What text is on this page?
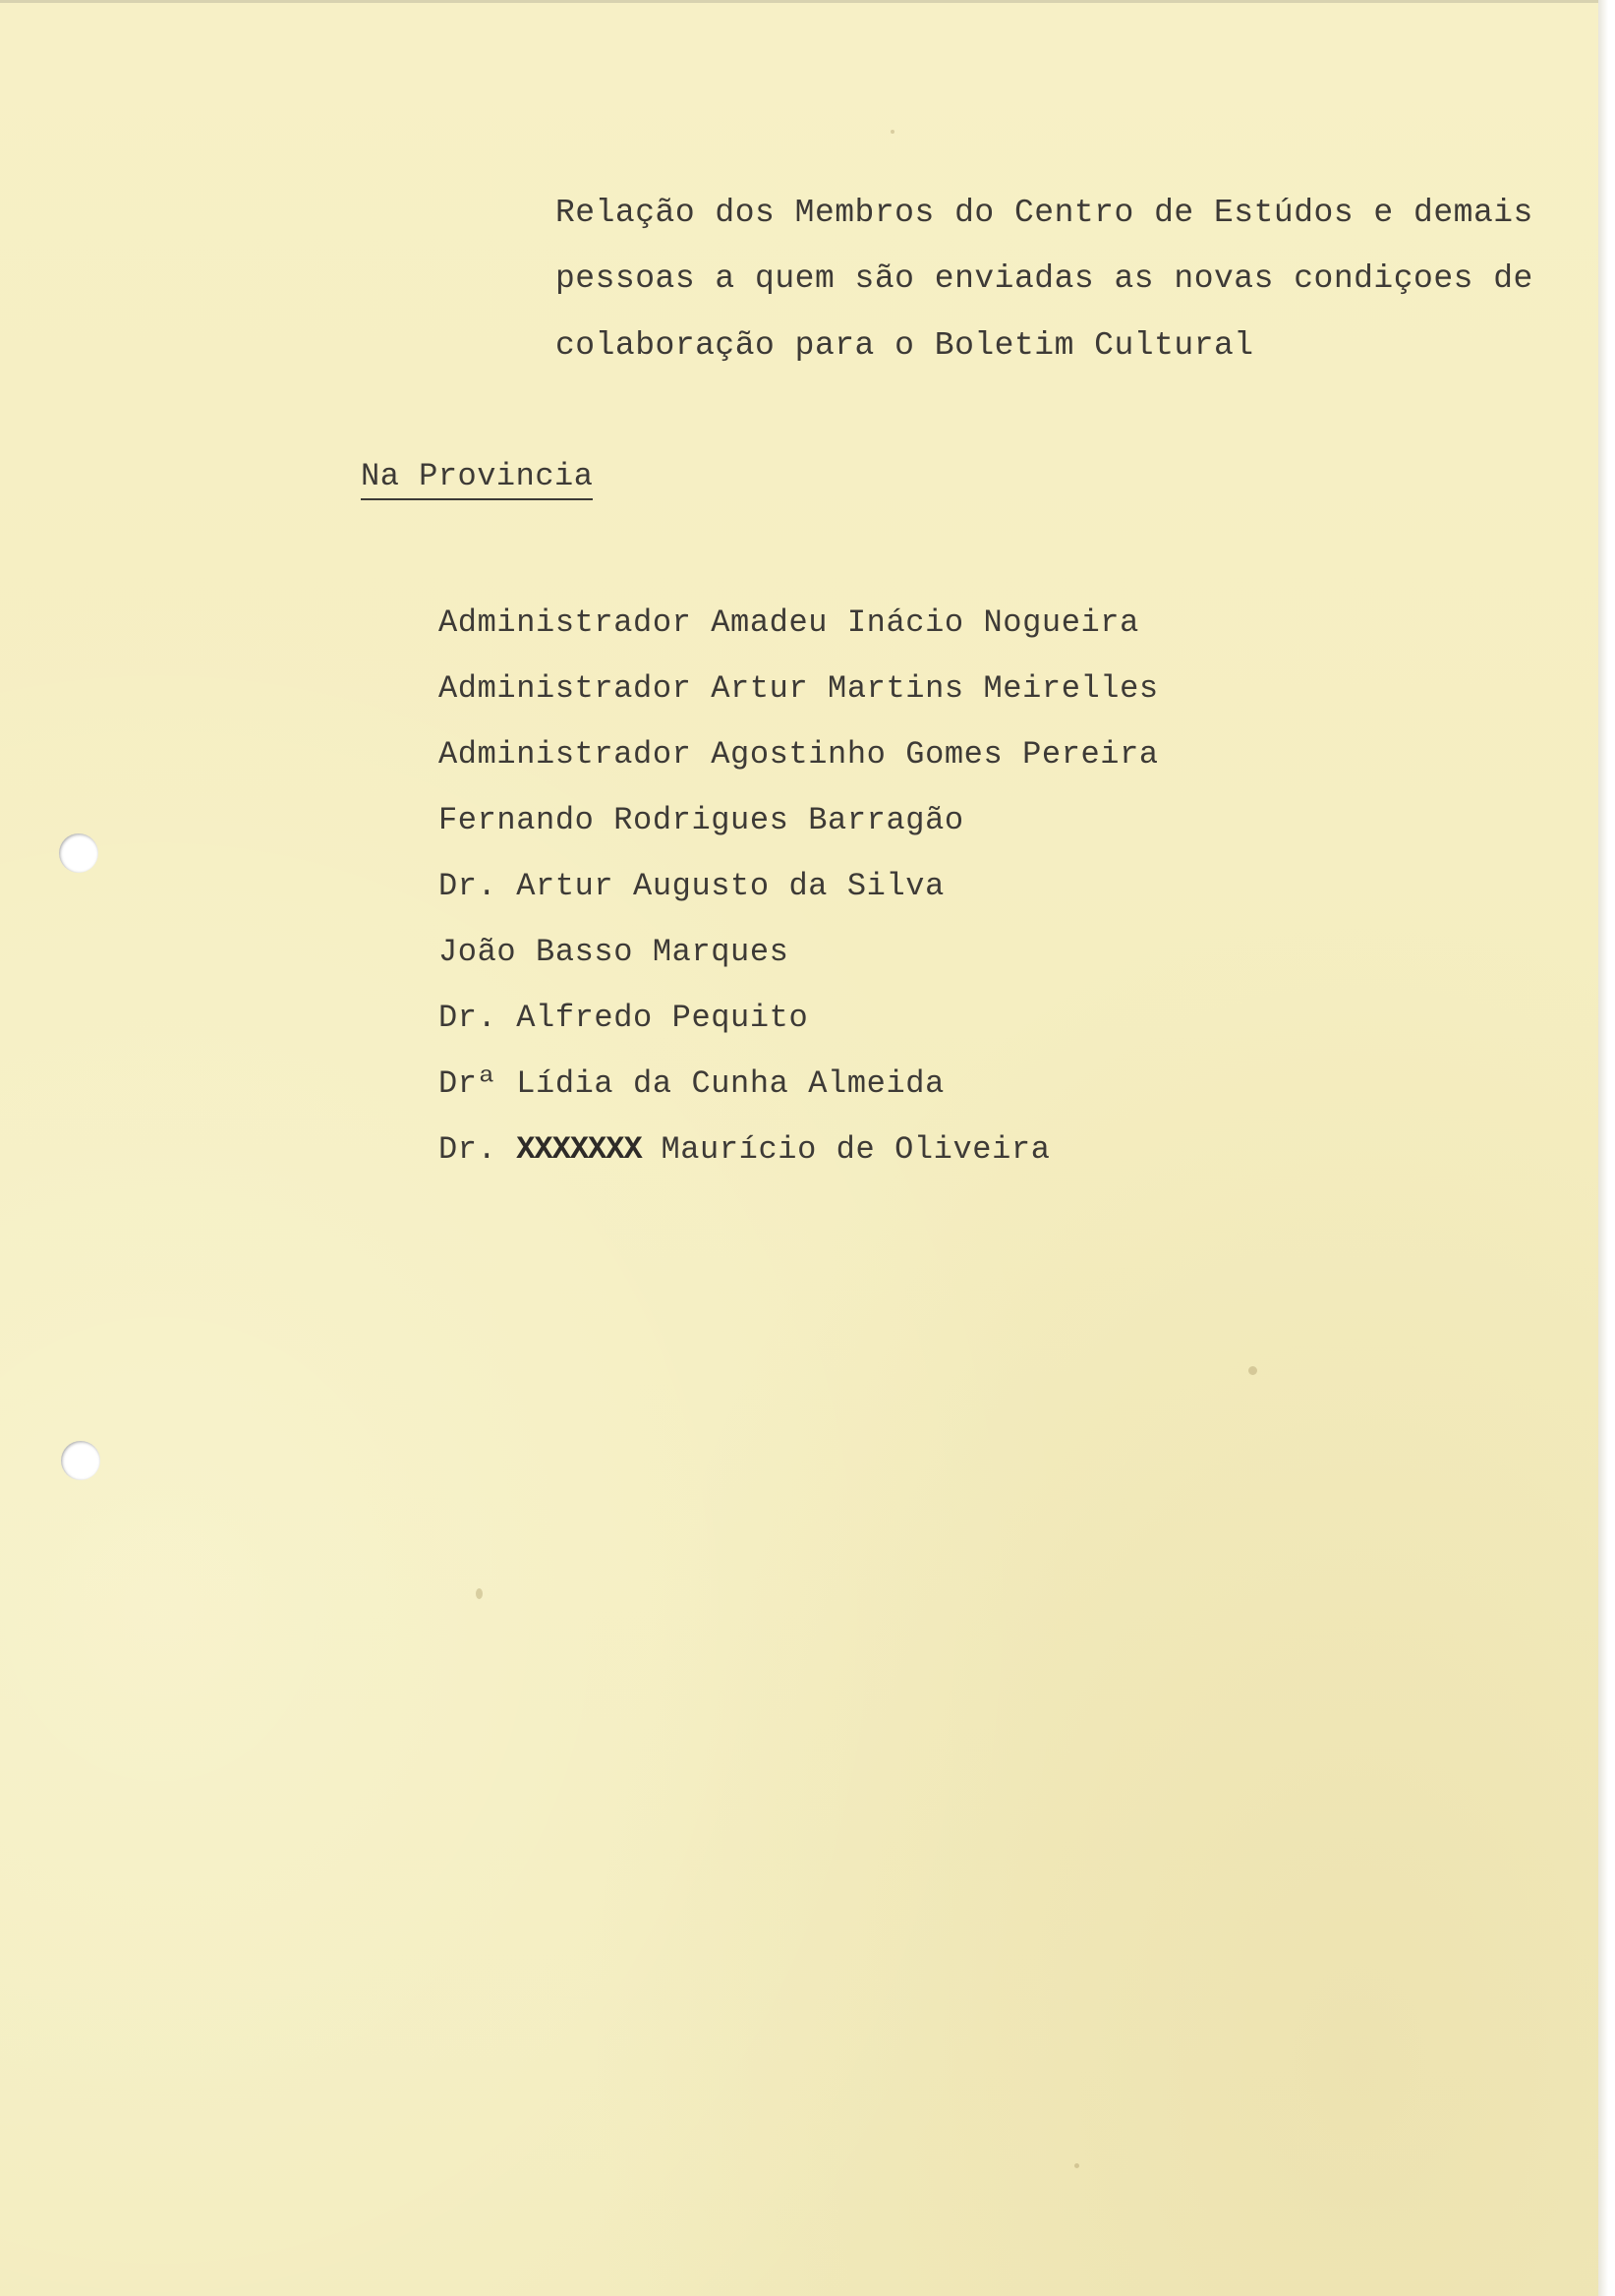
Relação dos Membros do Centro de Estúdos e demais

pessoas a quem são enviadas as novas condiçoes de

colaboração para o Boletim Cultural

Na Provincia
Administrador Amadeu Inácio Nogueira
Administrador Artur Martins Meirelles
Administrador Agostinho Gomes Pereira
Fernando Rodrigues Barragão
Dr. Artur Augusto da Silva
João Basso Marques
Dr. Alfredo Pequito
Drª Lídia da Cunha Almeida
Dr. XXXXXXX Maurício de Oliveira
